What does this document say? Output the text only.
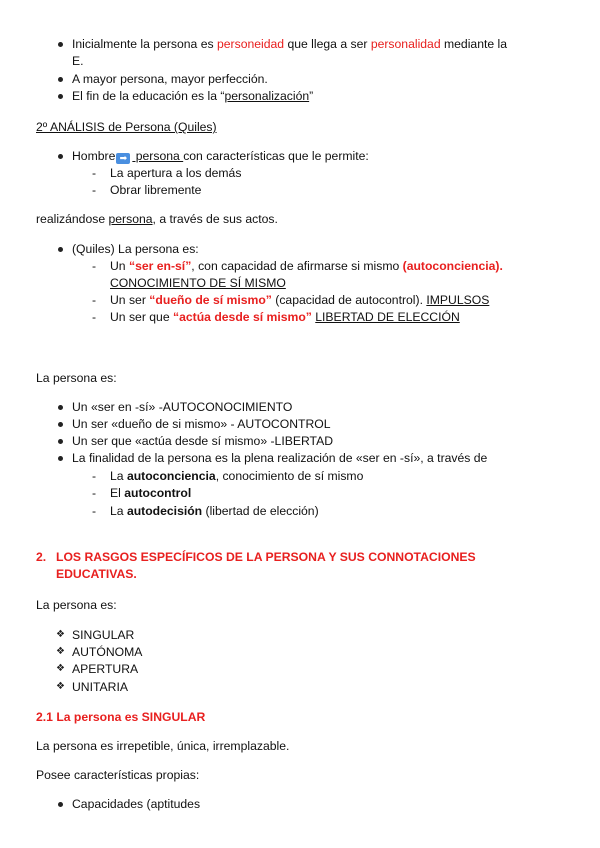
Inicialmente la persona es personeidad que llega a ser personalidad mediante la
E.
A mayor persona, mayor perfección.
El fin de la educación es la “personalización”
2º ANÁLISIS de Persona (Quiles)
Hombre ➡ persona con características que le permite:
- La apertura a los demás
- Obrar libremente
realizándose persona, a través de sus actos.
(Quiles) La persona es:
- Un “ser en-sí”, con capacidad de afirmarse si mismo (autoconciencia).
CONOCIMIENTO DE SÍ MISMO
- Un ser “dueño de sí mismo” (capacidad de autocontrol). IMPULSOS
- Un ser que “actúa desde sí mismo” LIBERTAD DE ELECCIÓN
La persona es:
Un «ser en -sí» -AUTOCONOCIMIENTO
Un ser «dueño de si mismo» - AUTOCONTROL
Un ser que «actúa desde sí mismo» -LIBERTAD
La finalidad de la persona es la plena realización de «ser en -sí», a través de
- La autoconciencia, conocimiento de sí mismo
- El autocontrol
- La autodecisión (libertad de elección)
2. LOS RASGOS ESPECÍFICOS DE LA PERSONA Y SUS CONNOTACIONES
EDUCATIVAS.
La persona es:
❖ SINGULAR
❖ AUTÓNOMA
❖ APERTURA
❖ UNITARIA
2.1 La persona es SINGULAR
La persona es irrepetible, única, irremplazable.
Posee características propias:
Capacidades (aptitudes
